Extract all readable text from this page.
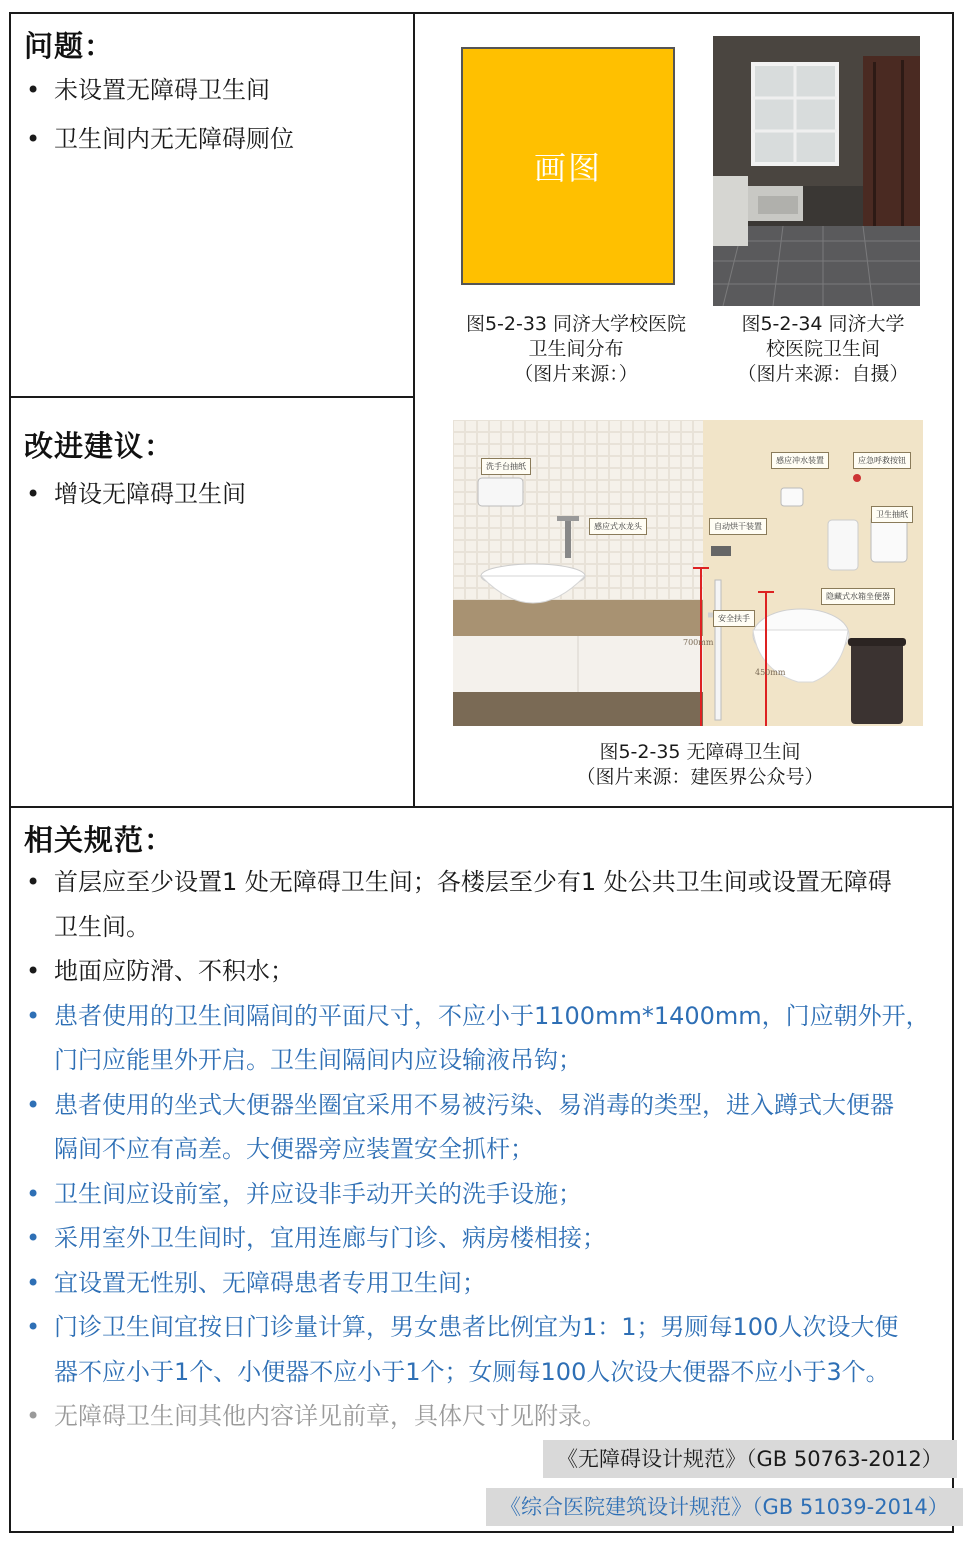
问题：
• 未设置无障碍卫生间
• 卫生间内无无障碍厕位
改进建议：
• 增设无障碍卫生间
画图
图5-2-33 同济大学校医院
卫生间分布
（图片来源：）
图5-2-34 同济大学
校医院卫生间
（图片来源：自摄）
洗手台抽纸
感应式水龙头
感应冲水装置	应急呼救按钮
自动烘干装置
卫生抽纸
隐藏式水箱坐便器
安全扶手
700mm
450mm
图5-2-35 无障碍卫生间
（图片来源：建医界公众号）
相关规范：
• 首层应至少设置1 处无障碍卫生间；各楼层至少有1 处公共卫生间或设置无障碍
卫生间。
• 地面应防滑、不积水；
• 患者使用的卫生间隔间的平面尺寸，不应小于1100mm*1400mm，门应朝外开，
门闩应能里外开启。卫生间隔间内应设输液吊钩；
• 患者使用的坐式大便器坐圈宜采用不易被污染、易消毒的类型，进入蹲式大便器
隔间不应有高差。大便器旁应装置安全抓杆；
• 卫生间应设前室，并应设非手动开关的洗手设施；
• 采用室外卫生间时，宜用连廊与门诊、病房楼相接；
• 宜设置无性别、无障碍患者专用卫生间；
• 门诊卫生间宜按日门诊量计算，男女患者比例宜为1：1；男厕每100人次设大便
器不应小于1个、小便器不应小于1个；女厕每100人次设大便器不应小于3个。
• 无障碍卫生间其他内容详见前章，具体尺寸见附录。
《无障碍设计规范》（GB 50763-2012）
《综合医院建筑设计规范》（GB 51039-2014）
